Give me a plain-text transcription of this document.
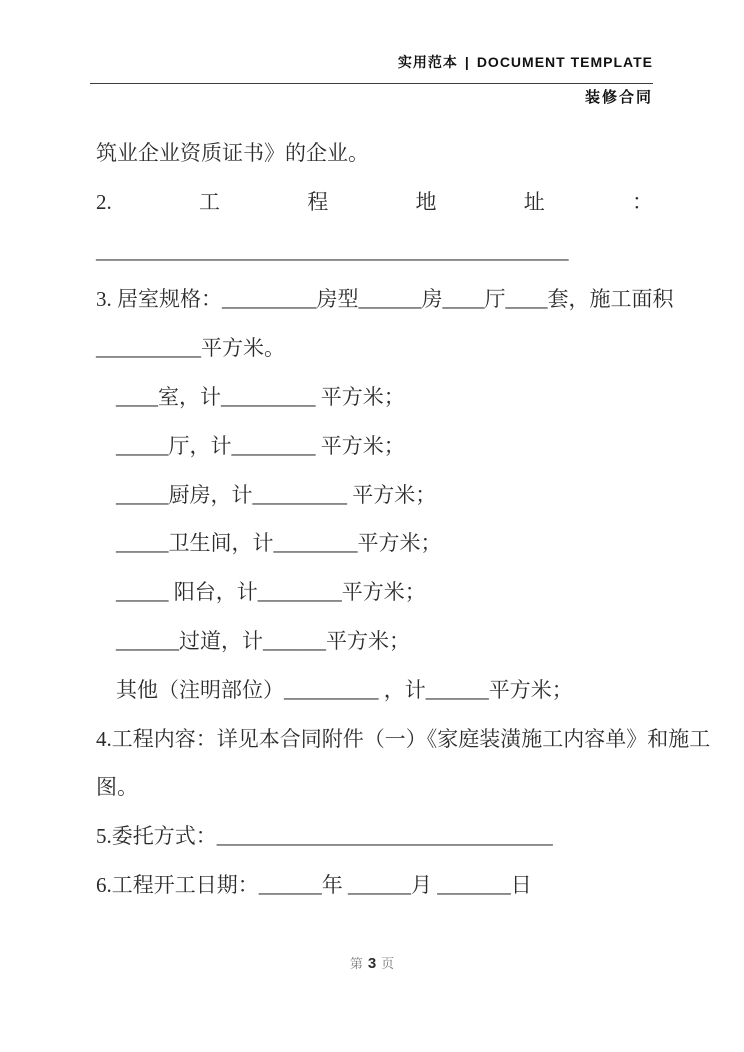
实用范本 | DOCUMENT TEMPLATE
装修合同
筑业企业资质证书》的企业。
2.	工	程	地	址	：
_____________________________________________
3. 居室规格：_________房型______房____厅____套，施工面积
__________平方米。
____室，计_________ 平方米；
_____厅，计________ 平方米；
_____厨房，计_________ 平方米；
_____卫生间，计________平方米；
_____ 阳台，计________平方米；
______过道，计______平方米；
其他（注明部位）_________ ，计______平方米；
4.工程内容：详见本合同附件（一）《家庭装潢施工内容单》和施工
图。
5.委托方式：________________________________
6.工程开工日期：______年 ______月 _______日
第 3 页
